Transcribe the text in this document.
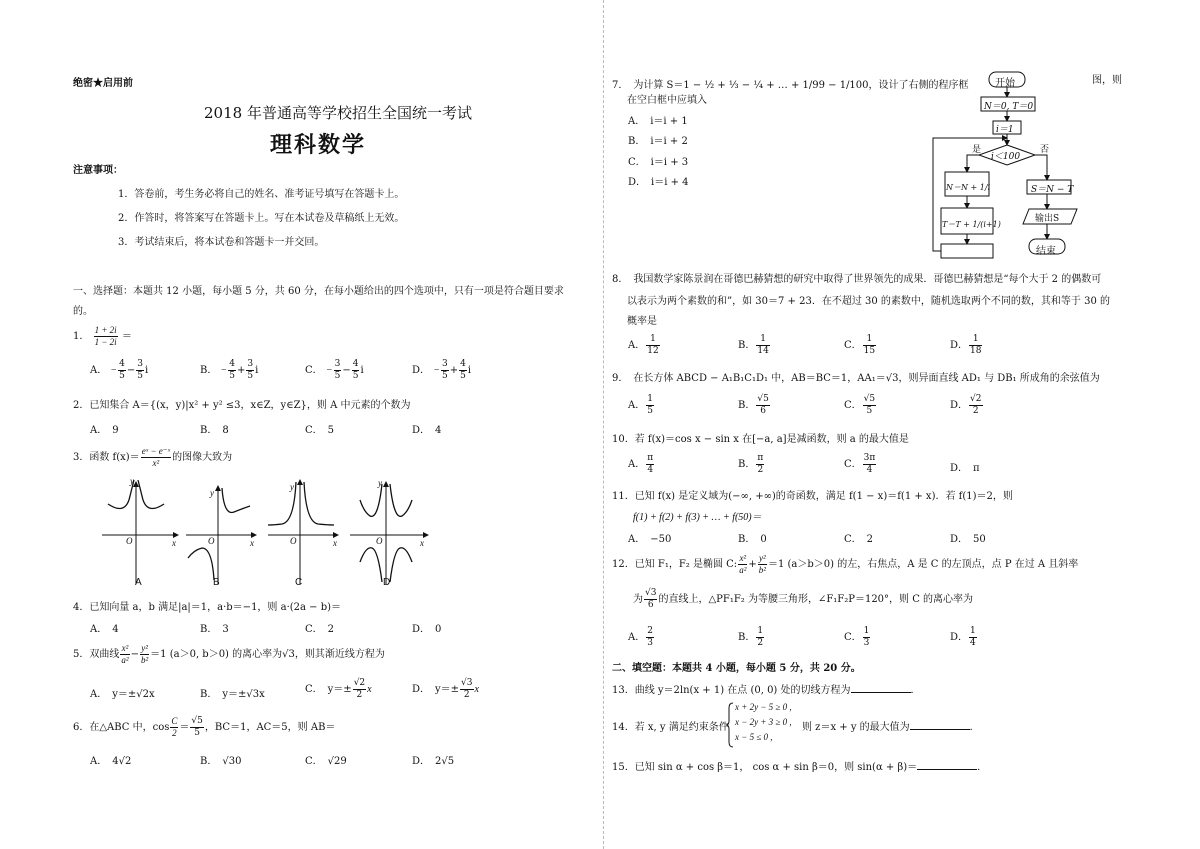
绝密★启用前
2018 年普通高等学校招生全国统一考试
理科数学
注意事项：
1．答卷前，考生务必将自己的姓名、准考证号填写在答题卡上。
2．作答时，将答案写在答题卡上。写在本试卷及草稿纸上无效。
3．考试结束后，将本试卷和答题卡一并交回。
图，则
一、选择题：本题共 12 小题，每小题 5 分，共 60 分，在每小题给出的四个选项中，只有一项是符合题目要求
的。
1． $\frac{1 + 2i}{1 - 2i}$ ＝
A． − $\frac{4}{5} - \frac{3}{5}$ i	B． − $\frac{4}{5} + \frac{3}{5}$ i	C． − $\frac{3}{5} - \frac{4}{5}$ i	D． − $\frac{3}{5} + \frac{4}{5}$ i
2．已知集合 A＝{(x，y)|x² + y² ≤3，x∈Z，y∈Z}，则 A 中元素的个数为
A．　9	B．　8	C．　5	D．　4
3．函数 $f(x)= \frac{\text{eˣ − e⁻ˣ}}{\text{x²}}$ 的图像大致为
A	B	C	D
y
x
O
y
x
O
y
x
O
y
x
O
4．已知向量 a，b 满足|a|＝1，a·b＝−1，则 a·(2a − b)＝
A．　4	B．　3	C．　2	D．　0
5．双曲线 $\frac{\text{x²}}{\text{a²}} - \frac{\text{y²}}{\text{b²}} =1$ (a＞0, b＞0) 的离心率为√3，则其渐近线方程为
A．　y＝±√2x	B．　y＝±√3x	C．　$y=\pm \frac{√2}{2}$ x	D．　$y=\pm \frac{√3}{2}$ x
6．在△ABC 中，$\cos \frac{C}{2} = \frac{√5}{5}$ ，BC＝1，AC＝5，则 AB＝
A．　4√2	B．　√30	C．　√29	D．　2√5
7．　为计算 S＝1 − ½ + ⅓ − ¼ + … + 1/99 − 1/100，设计了右侧的程序框
在空白框中应填入
A．　i＝i + 1
B．　i＝i + 2
C．　i＝i + 3
D．　i＝i + 4
开始
N＝0, T＝0
i＝1
i＜100
是	否
N＝N + 1/i
T＝T + 1/(i+1)
S＝N − T
输出S
结束
8．　我国数学家陈景润在哥德巴赫猜想的研究中取得了世界领先的成果．哥德巴赫猜想是“每个大于 2 的偶数可
以表示为两个素数的和”，如 30＝7 + 23．在不超过 30 的素数中，随机选取两个不同的数，其和等于 30 的
概率是
A． $\frac{1}{12}$	B． $\frac{1}{14}$	C． $\frac{1}{15}$	D． $\frac{1}{18}$
9．　在长方体 ABCD − A₁B₁C₁D₁ 中，AB＝BC＝1，AA₁＝√3，则异面直线 AD₁ 与 DB₁ 所成角的余弦值为
A． $\frac{1}{5}$	B． $\frac{√5}{6}$	C． $\frac{√5}{5}$	D． $\frac{√2}{2}$
10．若 f(x)＝cos x − sin x 在[−a, a]是减函数，则 a 的最大值是
A． $\frac{\pi}{4}$	B． $\frac{\pi}{2}$	C． $\frac{3\pi}{4}$	D．　π
11．已知 f(x) 是定义域为(−∞, +∞)的奇函数，满足 f(1 − x)＝f(1 + x)．若 f(1)＝2，则
f(1) + f(2) + f(3) + … + f(50)＝
A．　−50	B．　0	C．　2	D．　50
12．已知 F₁，F₂ 是椭圆 C: $\frac{\text{x²}}{\text{a²}} + \frac{\text{y²}}{\text{b²}} =1$ (a＞b＞0) 的左，右焦点，A 是 C 的左顶点，点 P 在过 A 且斜率
为 $\frac{√3}{6}$ 的直线上，△PF₁F₂ 为等腰三角形，∠F₁F₂P＝120°，则 C 的离心率为
A． $\frac{2}{3}$	B． $\frac{1}{2}$	C． $\frac{1}{3}$	D． $\frac{1}{4}$
二、填空题：本题共 4 小题，每小题 5 分，共 20 分。
13．曲线 y＝2ln(x + 1) 在点 (0, 0) 处的切线方程为	．
14．若 x, y 满足约束条件
x + 2y − 5 ≥ 0 ,
x − 2y + 3 ≥ 0 ,
x − 5 ≤ 0 ,
则 z＝x + y 的最大值为	．
15．已知 sin α + cos β＝1， cos α + sin β＝0，则 sin(α + β)＝	．
